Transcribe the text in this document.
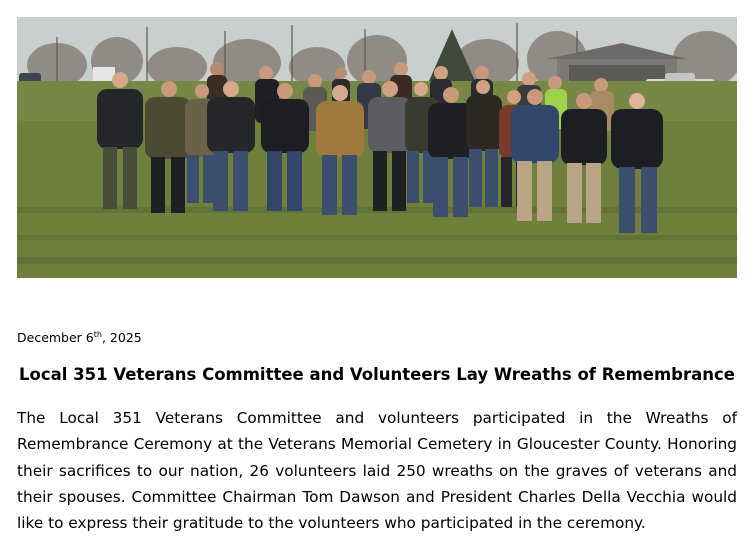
December 6th, 2025
Local 351 Veterans Committee and Volunteers Lay Wreaths of Remembrance

The Local 351 Veterans Committee and volunteers participated in the Wreaths of Remembrance Ceremony at the Veterans Memorial Cemetery in Gloucester County. Honoring their sacrifices to our nation, 26 volunteers laid 250 wreaths on the graves of veterans and their spouses. Committee Chairman Tom Dawson and President Charles Della Vecchia would like to express their gratitude to the volunteers who participated in the ceremony.
